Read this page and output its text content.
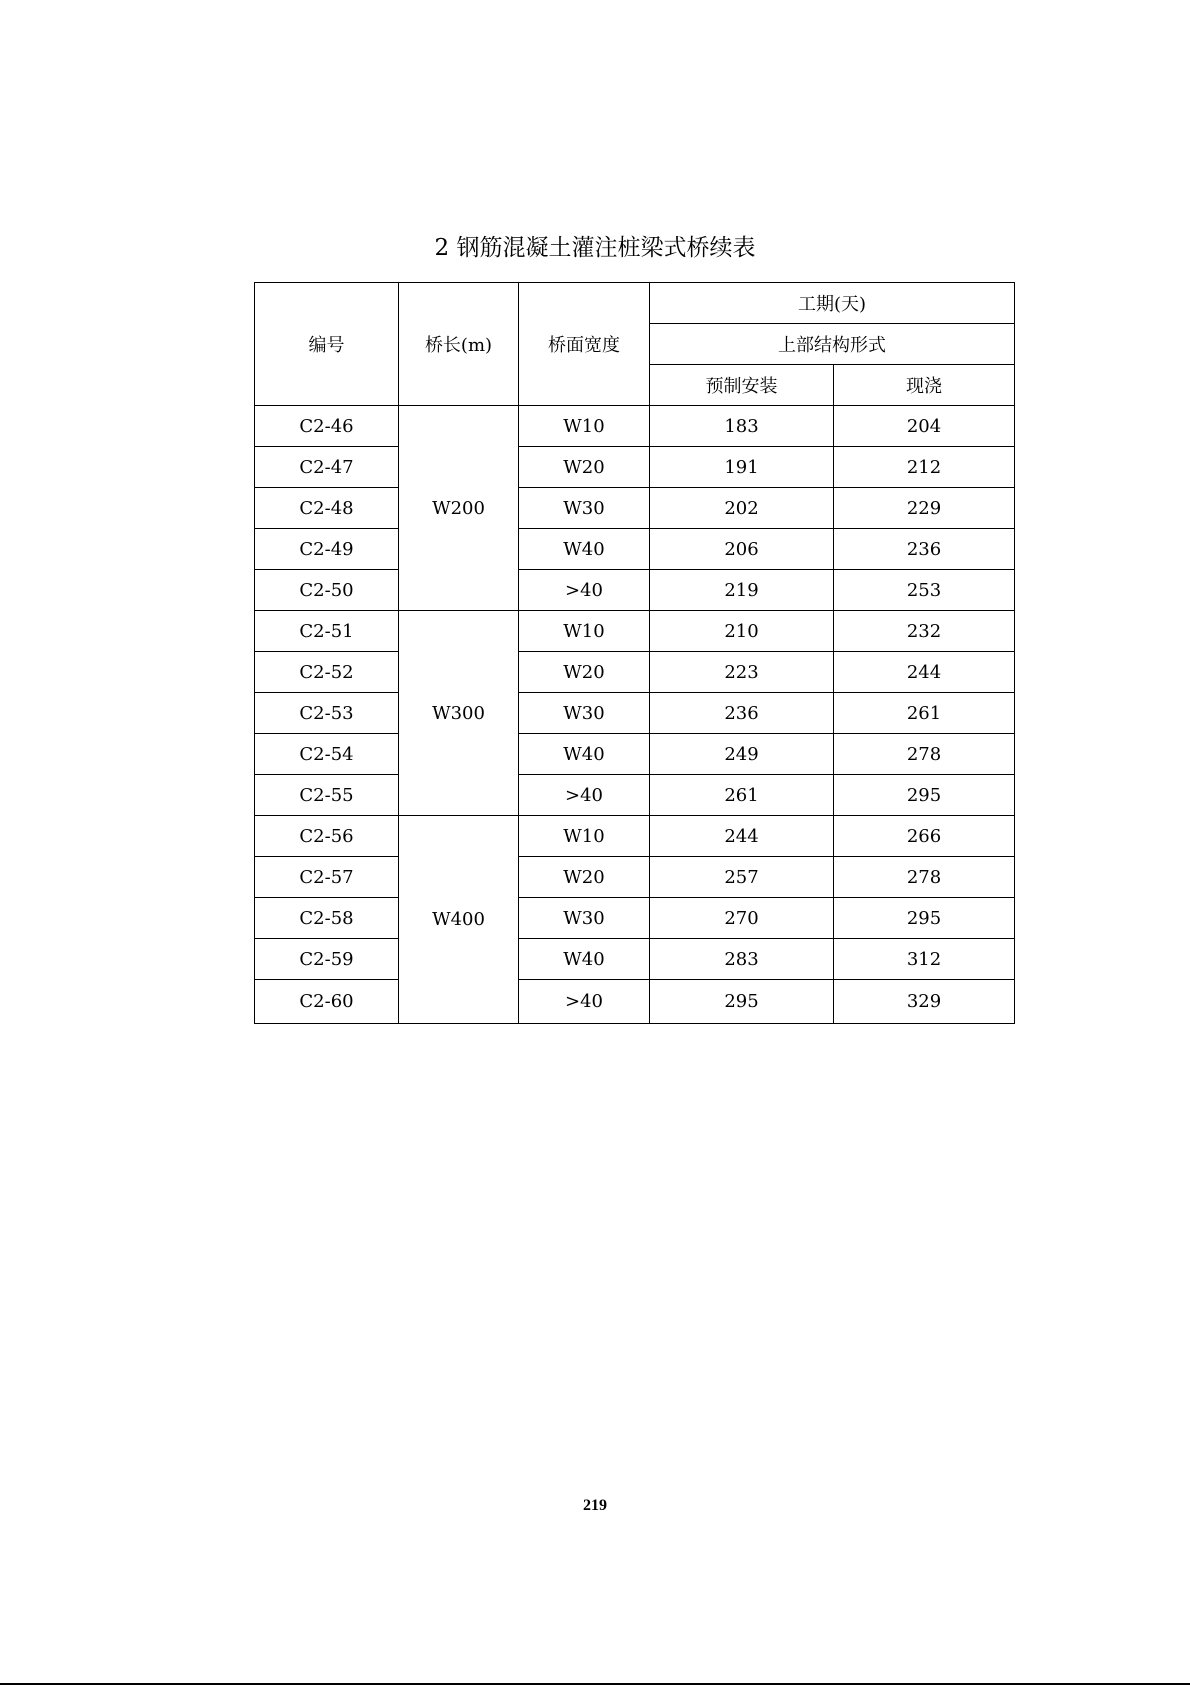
2 钢筋混凝土灌注桩梁式桥续表
编号	桥长(m)	桥面宽度	工期(天)	
			上部结构形式	
			预制安装	现浇
C2-46	W200	W10	183	204
C2-47		W20	191	212
C2-48		W30	202	229
C2-49		W40	206	236
C2-50		>40	219	253
C2-51	W300	W10	210	232
C2-52		W20	223	244
C2-53		W30	236	261
C2-54		W40	249	278
C2-55		>40	261	295
C2-56	W400	W10	244	266
C2-57		W20	257	278
C2-58		W30	270	295
C2-59		W40	283	312
C2-60		>40	295	329
219
